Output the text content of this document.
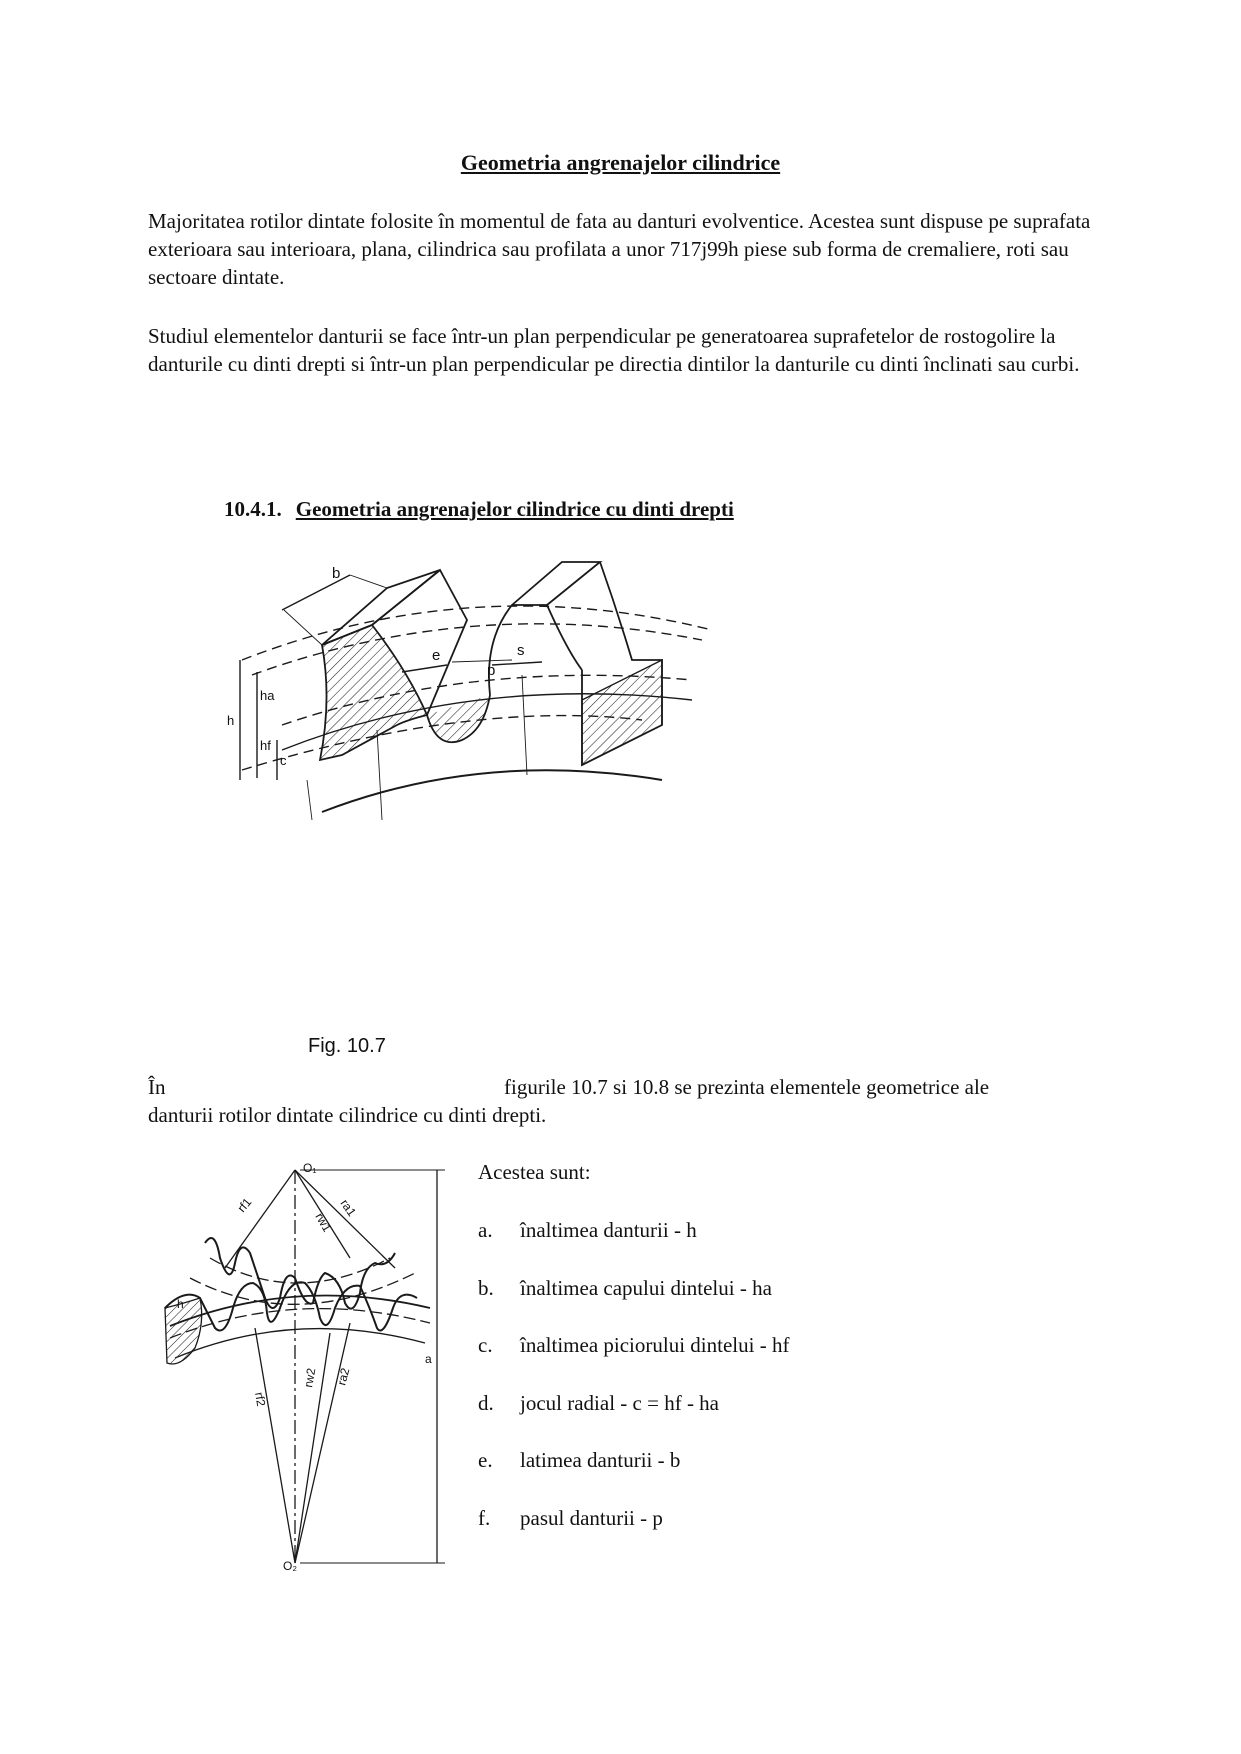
Geometria angrenajelor cilindrice
Majoritatea rotilor dintate folosite în momentul de fata au danturi evolventice. Acestea sunt dispuse pe suprafata exterioara sau interioara, plana, cilindrica sau profilata a unor 717j99h piese sub forma de cremaliere, roti sau sectoare dintate.
Studiul elementelor danturii se face într-un plan perpendicular pe generatoarea suprafetelor de rostogolire la danturile cu dinti drepti si într-un plan perpendicular pe directia dintilor la danturile cu dinti înclinati sau curbi.
10.4.1. Geometria angrenajelor cilindrice cu dinti drepti
b
e	s
p
ha
hf
h
c
Fig. 10.7
În	figurile 10.7 si 10.8 se prezinta elementele geometrice ale
danturii rotilor dintate cilindrice cu dinti drepti.
O₁
O₂
rf1	ra1
rw1
rf2
rw2 ra2
a
h
Acestea sunt:
a.	înaltimea danturii - h
b.	înaltimea capului dintelui - ha
c.	înaltimea piciorului dintelui - hf
d.	jocul radial - c = hf - ha
e.	latimea danturii - b
f.	pasul danturii - p
